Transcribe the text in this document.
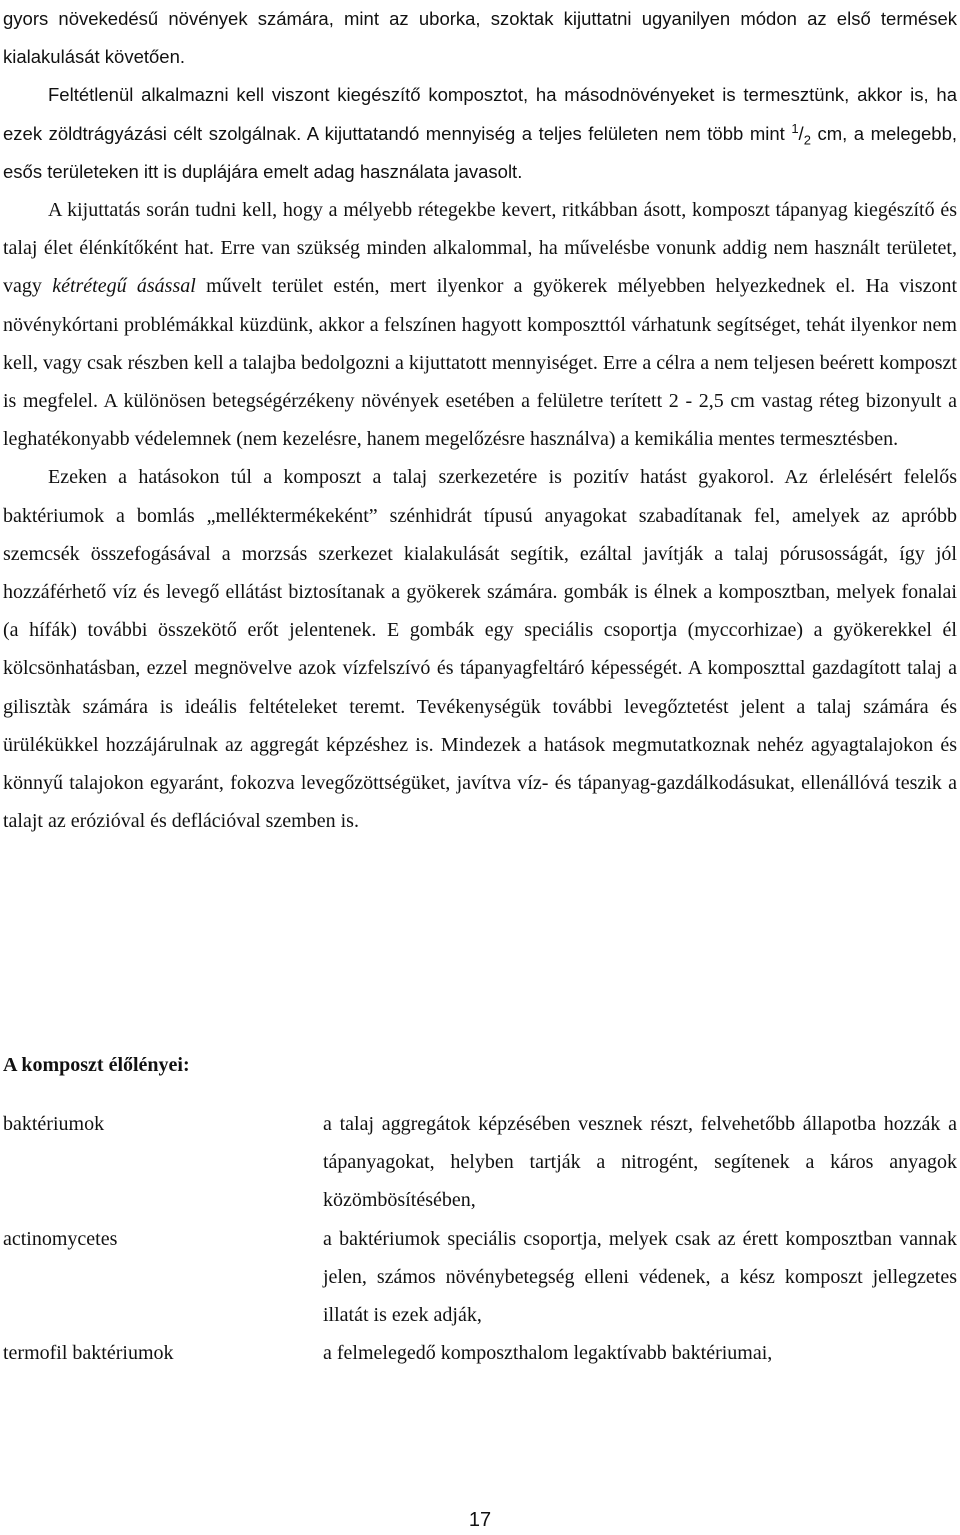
gyors növekedésű növények számára, mint az uborka, szoktak kijuttatni ugyanilyen módon az első termések kialakulását követően.

Feltétlenül alkalmazni kell viszont kiegészítő komposztot, ha másodnövényeket is termesztünk, akkor is, ha ezek zöldtrágyázási célt szolgálnak. A kijuttatandó mennyiség a teljes felületen nem több mint $^1/_2$ cm, a melegebb, esős területeken itt is duplájára emelt adag használata javasolt.

A kijuttatás során tudni kell, hogy a mélyebb rétegekbe kevert, ritkábban ásott, komposzt tápanyag kiegészítő és talaj élet élénkítőként hat. Erre van szükség minden alkalommal, ha művelésbe vonunk addig nem használt területet, vagy kétrétegű ásással művelt terület estén, mert ilyenkor a gyökerek mélyebben helyezkednek el. Ha viszont növénykórtani problémákkal küzdünk, akkor a felszínen hagyott komposzttól várhatunk segítséget, tehát ilyenkor nem kell, vagy csak részben kell a talajba bedolgozni a kijuttatott mennyiséget. Erre a célra a nem teljesen beérett komposzt is megfelel. A különösen betegségérzékeny növények esetében a felületre terített 2 - 2,5 cm vastag réteg bizonyult a leghatékonyabb védelemnek (nem kezelésre, hanem megelőzésre használva) a kemikália mentes termesztésben.

Ezeken a hatásokon túl a komposzt a talaj szerkezetére is pozitív hatást gyakorol. Az érlelésért felelős baktériumok a bomlás „melléktermékeként” szénhidrát típusú anyagokat szabadítanak fel, amelyek az apróbb szemcsék összefogásával a morzsás szerkezet kialakulását segítik, ezáltal javítják a talaj pórusosságát, így jól hozzáférhető víz és levegő ellátást biztosítanak a gyökerek számára. gombák is élnek a komposztban, melyek fonalai (a hífák) további összekötő erőt jelentenek. E gombák egy speciális csoportja (myccorhizae) a gyökerekkel él kölcsönhatásban, ezzel megnövelve azok vízfelszívó és tápanyagfeltáró képességét. A komposzttal gazdagított talaj a gilisztàk számára is ideális feltételeket teremt. Tevékenységük további levegőztetést jelent a talaj számára és ürülékükkel hozzájárulnak az aggregát képzéshez is. Mindezek a hatások megmutatkoznak nehéz agyagtalajokon és könnyű talajokon egyaránt, fokozva levegőzöttségüket, javítva víz- és tápanyag-gazdálkodásukat, ellenállóvá teszik a talajt az erózióval és deflációval szemben is.

A komposzt élőlényei:
baktériumok	a talaj aggregátok képzésében vesznek részt, felvehetőbb állapotba hozzák a tápanyagokat, helyben tartják a nitrogént, segítenek a káros anyagok közömbösítésében,
actinomycetes	a baktériumok speciális csoportja, melyek csak az érett komposztban vannak jelen, számos növénybetegség elleni védenek, a kész komposzt jellegzetes illatát is ezek adják,
termofil baktériumok	a felmelegedő komposzthalom legaktívabb baktériumai,
17
